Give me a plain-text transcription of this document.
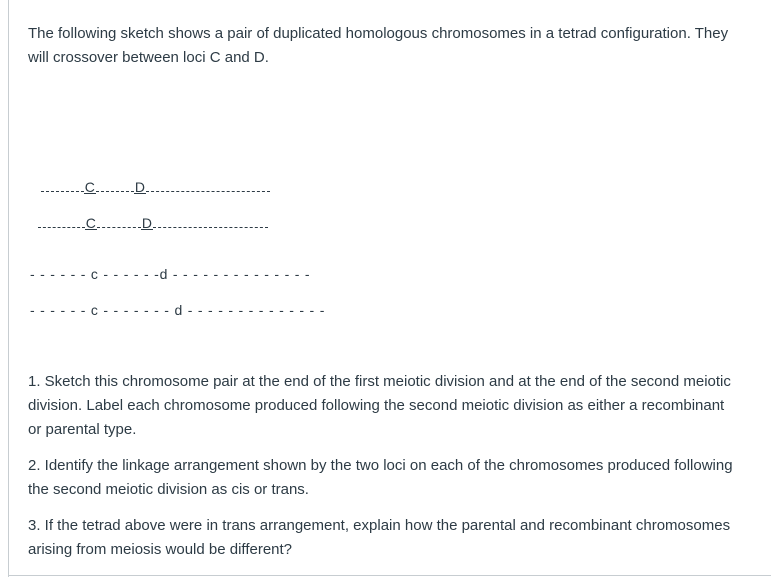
The following sketch shows a pair of duplicated homologous chromosomes in a tetrad configuration. They will crossover between loci C and D.

C	D

C	D

- - - - - - c - - - - - -d - - - - - - - - - - - - - -
- - - - - - c - - - - - - - d - - - - - - - - - - - - - -

1. Sketch this chromosome pair at the end of the first meiotic division and at the end of the second meiotic division. Label each chromosome produced following the second meiotic division as either a recombinant or parental type.

2. Identify the linkage arrangement shown by the two loci on each of the chromosomes produced following the second meiotic division as cis or trans.

3. If the tetrad above were in trans arrangement, explain how the parental and recombinant chromosomes arising from meiosis would be different?
